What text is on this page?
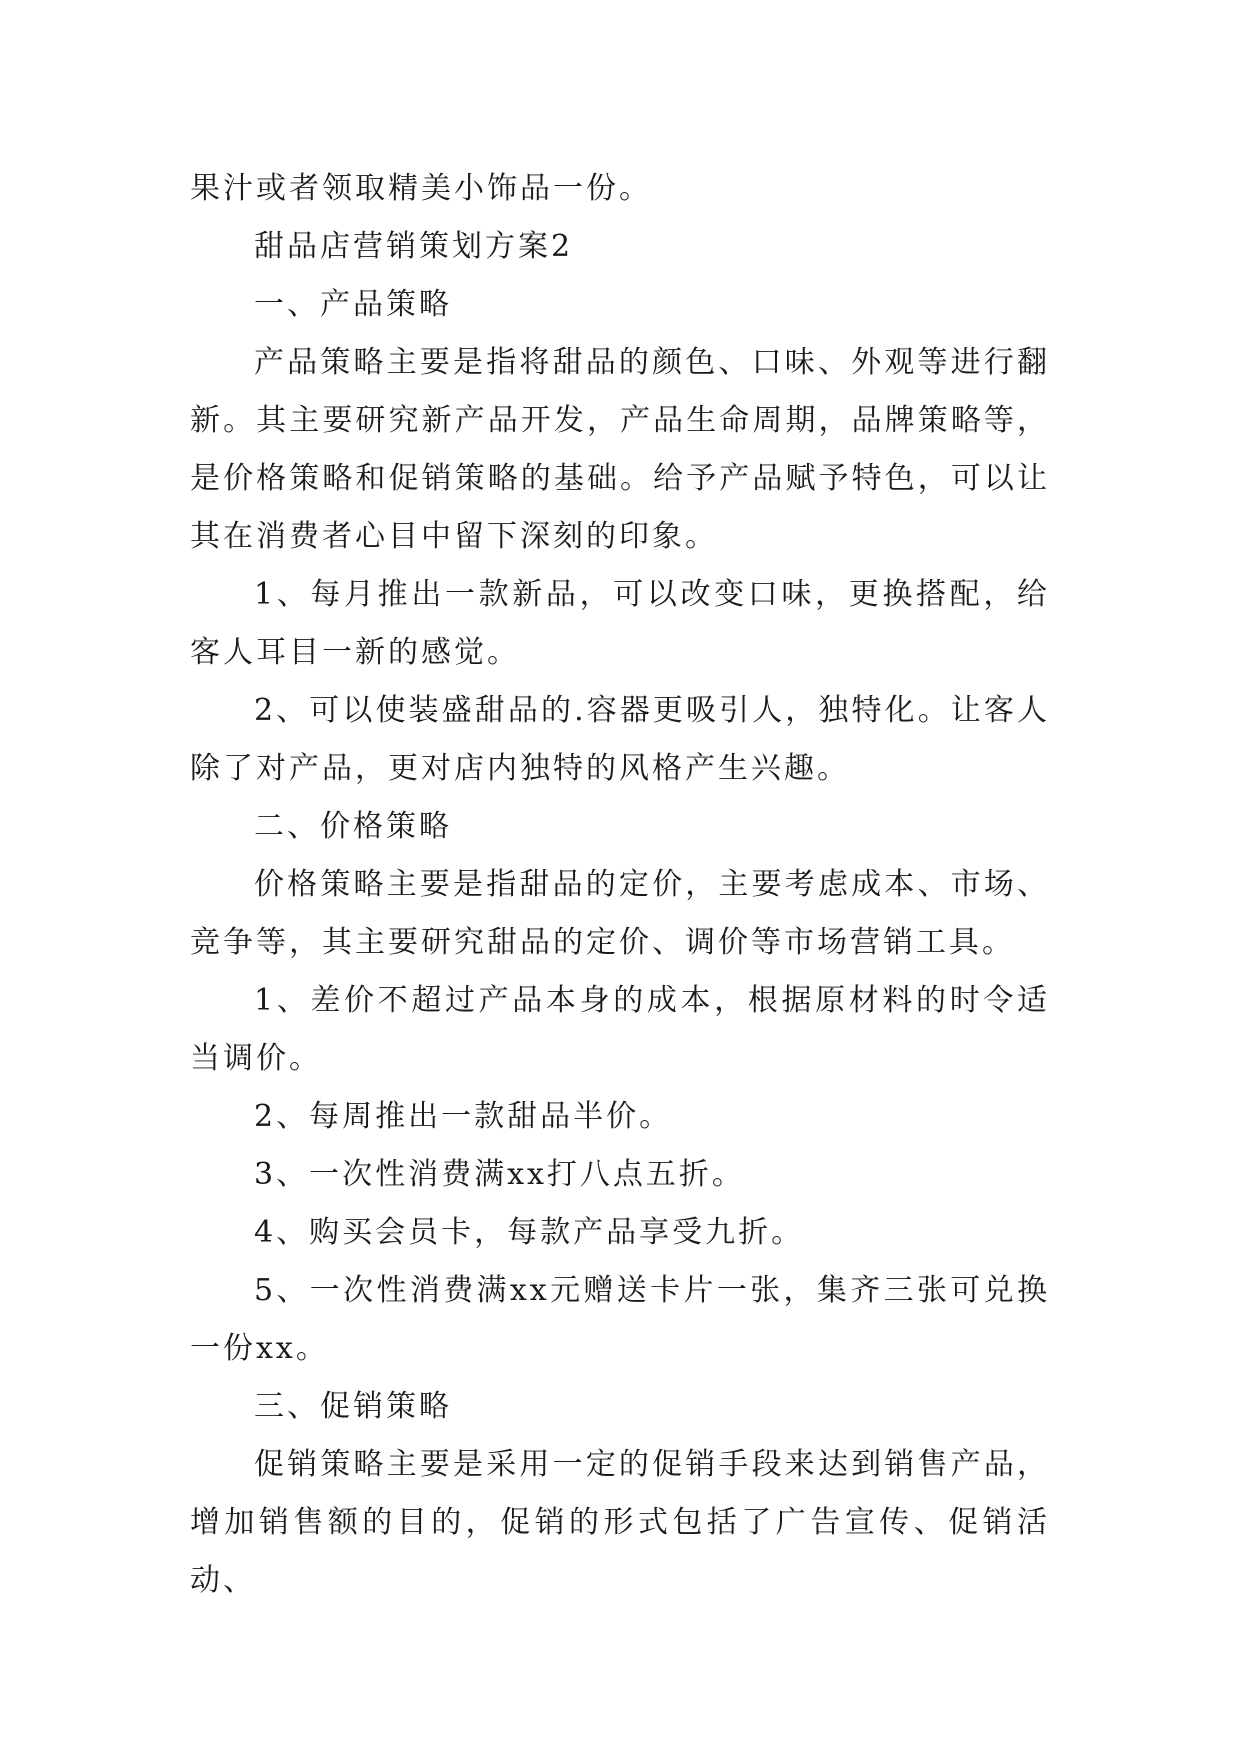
果汁或者领取精美小饰品一份。

甜品店营销策划方案2

一、产品策略

产品策略主要是指将甜品的颜色、口味、外观等进行翻新。其主要研究新产品开发，产品生命周期，品牌策略等，是价格策略和促销策略的基础。给予产品赋予特色，可以让其在消费者心目中留下深刻的印象。

1、每月推出一款新品，可以改变口味，更换搭配，给客人耳目一新的感觉。

2、可以使装盛甜品的.容器更吸引人，独特化。让客人除了对产品，更对店内独特的风格产生兴趣。

二、价格策略

价格策略主要是指甜品的定价，主要考虑成本、市场、竞争等，其主要研究甜品的定价、调价等市场营销工具。

1、差价不超过产品本身的成本，根据原材料的时令适当调价。

2、每周推出一款甜品半价。

3、一次性消费满xx打八点五折。

4、购买会员卡，每款产品享受九折。

5、一次性消费满xx元赠送卡片一张，集齐三张可兑换一份xx。

三、促销策略

促销策略主要是采用一定的促销手段来达到销售产品，增加销售额的目的，促销的形式包括了广告宣传、促销活动、
